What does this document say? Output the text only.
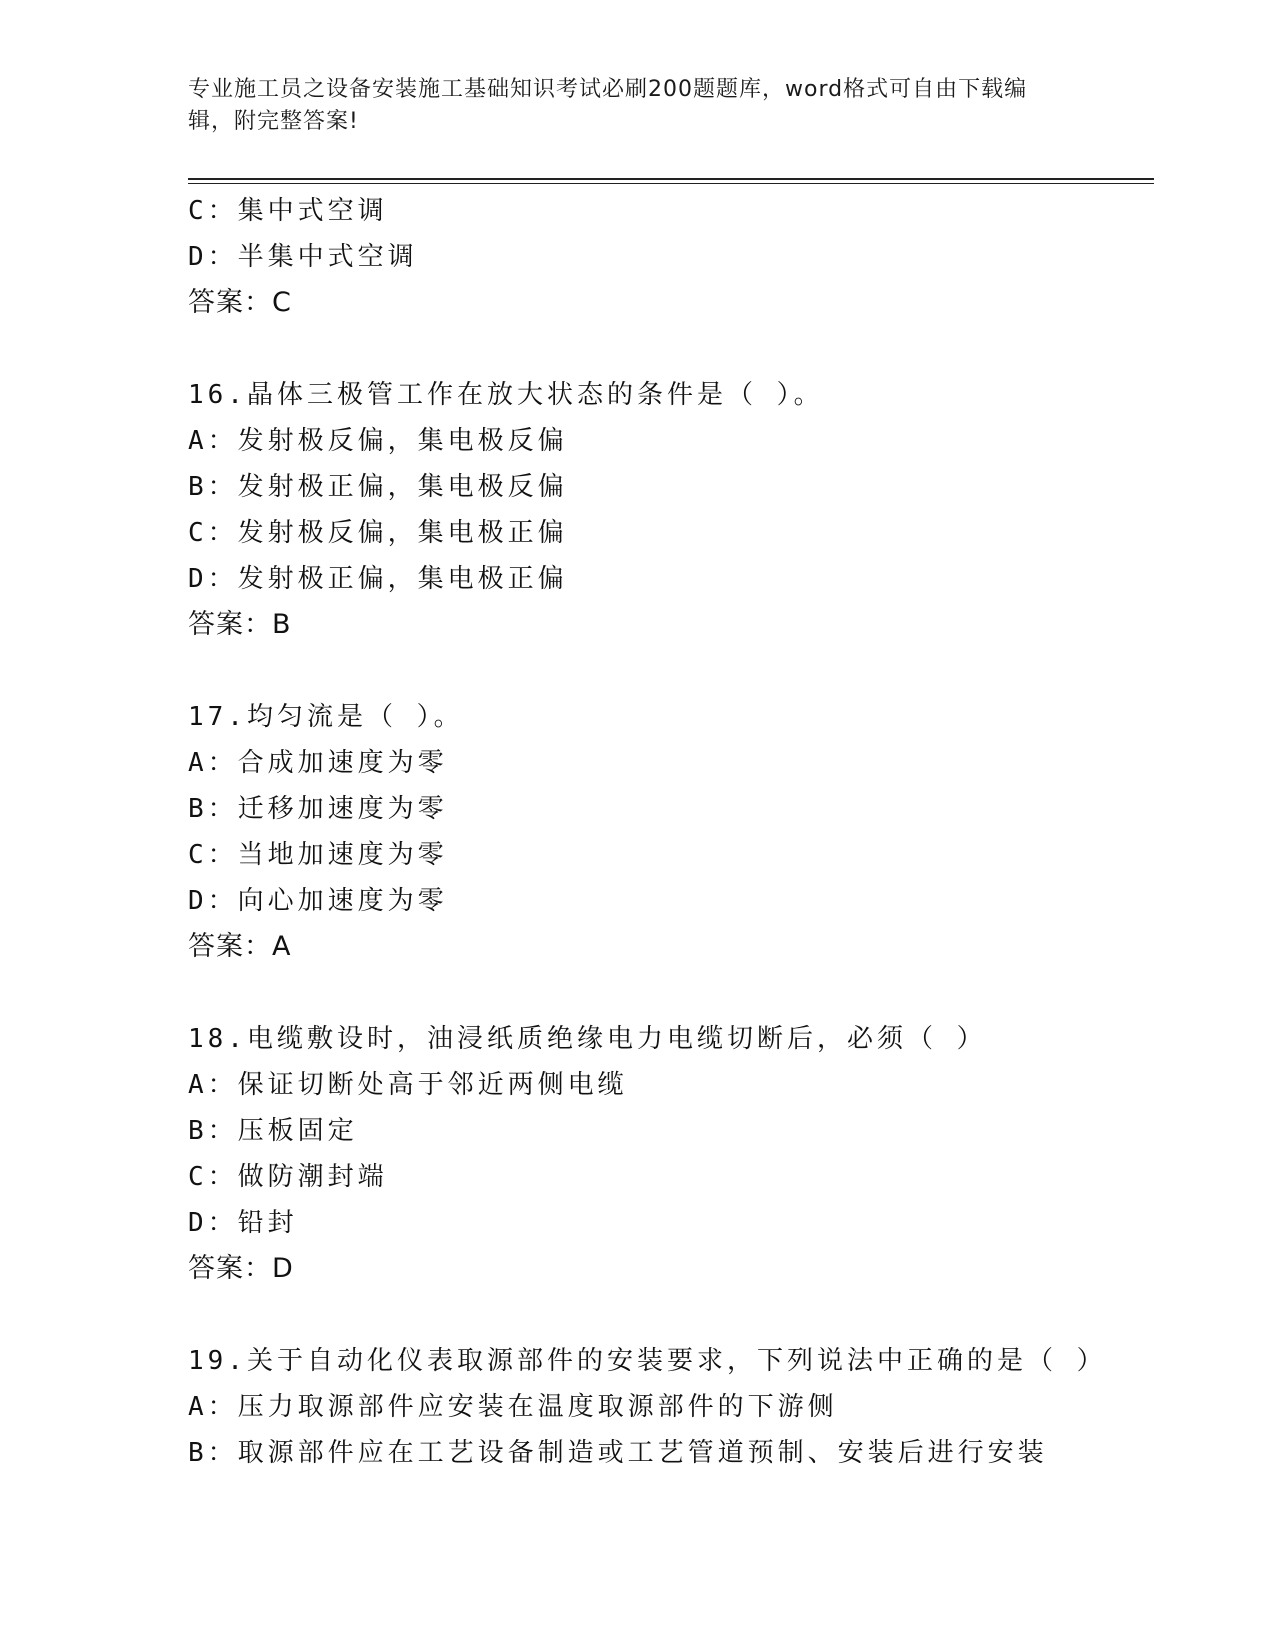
专业施工员之设备安装施工基础知识考试必刷200题题库，word格式可自由下载编辑，附完整答案!
C：集中式空调
D：半集中式空调
答案：C
16.晶体三极管工作在放大状态的条件是（ ）。
A：发射极反偏，集电极反偏
B：发射极正偏，集电极反偏
C：发射极反偏，集电极正偏
D：发射极正偏，集电极正偏
答案：B
17.均匀流是（ ）。
A：合成加速度为零
B：迁移加速度为零
C：当地加速度为零
D：向心加速度为零
答案：A
18.电缆敷设时，油浸纸质绝缘电力电缆切断后，必须（ ）
A：保证切断处高于邻近两侧电缆
B：压板固定
C：做防潮封端
D：铅封
答案：D
19.关于自动化仪表取源部件的安装要求，下列说法中正确的是（ ）
A：压力取源部件应安装在温度取源部件的下游侧
B：取源部件应在工艺设备制造或工艺管道预制、安装后进行安装
